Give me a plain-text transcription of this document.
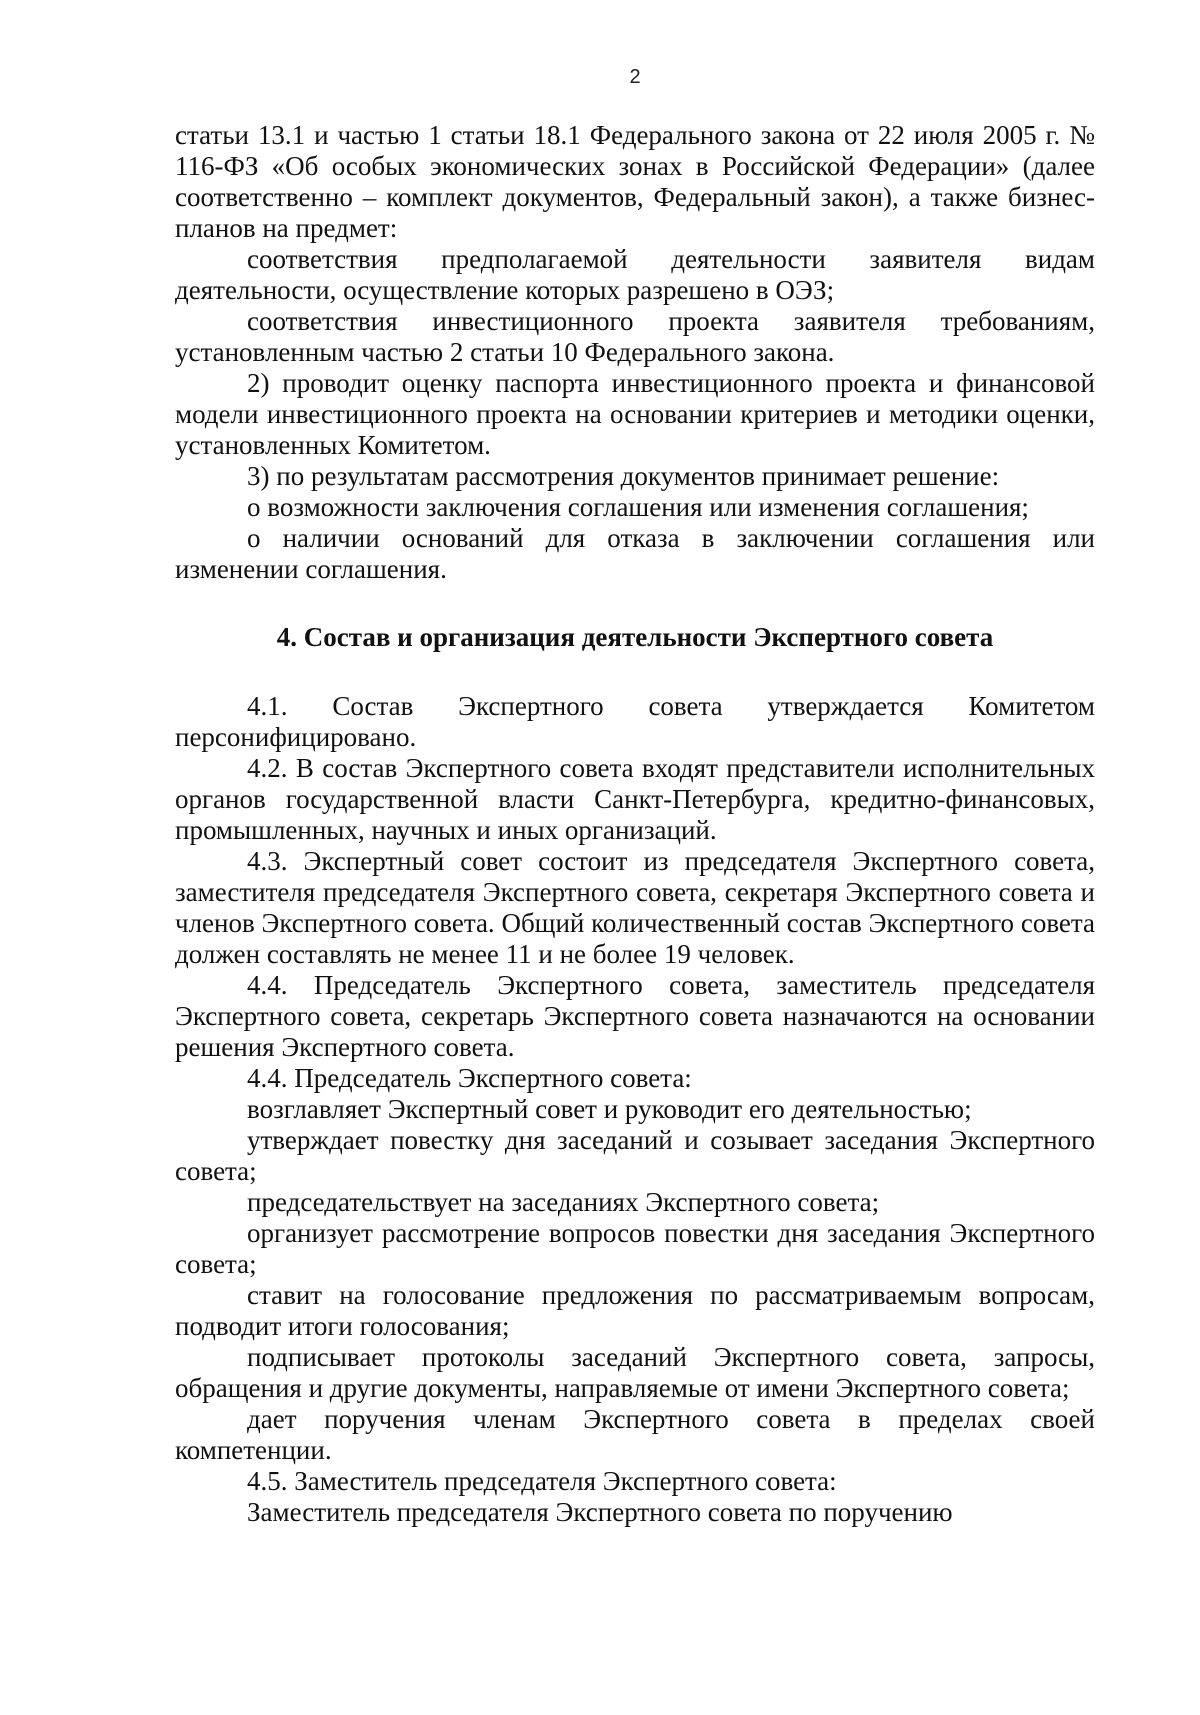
2

статьи 13.1 и частью 1 статьи 18.1 Федерального закона от 22 июля 2005 г. № 116-ФЗ «Об особых экономических зонах в Российской Федерации» (далее соответственно – комплект документов, Федеральный закон), а также бизнес-планов на предмет:

соответствия предполагаемой деятельности заявителя видам деятельности, осуществление которых разрешено в ОЭЗ;

соответствия инвестиционного проекта заявителя требованиям, установленным частью 2 статьи 10 Федерального закона.

2) проводит оценку паспорта инвестиционного проекта и финансовой модели инвестиционного проекта на основании критериев и методики оценки, установленных Комитетом.

3) по результатам рассмотрения документов принимает решение:

о возможности заключения соглашения или изменения соглашения;

о наличии оснований для отказа в заключении соглашения или изменении соглашения.

4. Состав и организация деятельности Экспертного совета

4.1. Состав Экспертного совета утверждается Комитетом персонифицировано.

4.2. В состав Экспертного совета входят представители исполнительных органов государственной власти Санкт-Петербурга, кредитно-финансовых, промышленных, научных и иных организаций.

4.3. Экспертный совет состоит из председателя Экспертного совета, заместителя председателя Экспертного совета, секретаря Экспертного совета и членов Экспертного совета. Общий количественный состав Экспертного совета должен составлять не менее 11 и не более 19 человек.

4.4. Председатель Экспертного совета, заместитель председателя Экспертного совета, секретарь Экспертного совета назначаются на основании решения Экспертного совета.

4.4. Председатель Экспертного совета:

возглавляет Экспертный совет и руководит его деятельностью;

утверждает повестку дня заседаний и созывает заседания Экспертного совета;

председательствует на заседаниях Экспертного совета;

организует рассмотрение вопросов повестки дня заседания Экспертного совета;

ставит на голосование предложения по рассматриваемым вопросам, подводит итоги голосования;

подписывает протоколы заседаний Экспертного совета, запросы, обращения и другие документы, направляемые от имени Экспертного совета;

дает поручения членам Экспертного совета в пределах своей компетенции.

4.5. Заместитель председателя Экспертного совета:

Заместитель председателя Экспертного совета по поручению
